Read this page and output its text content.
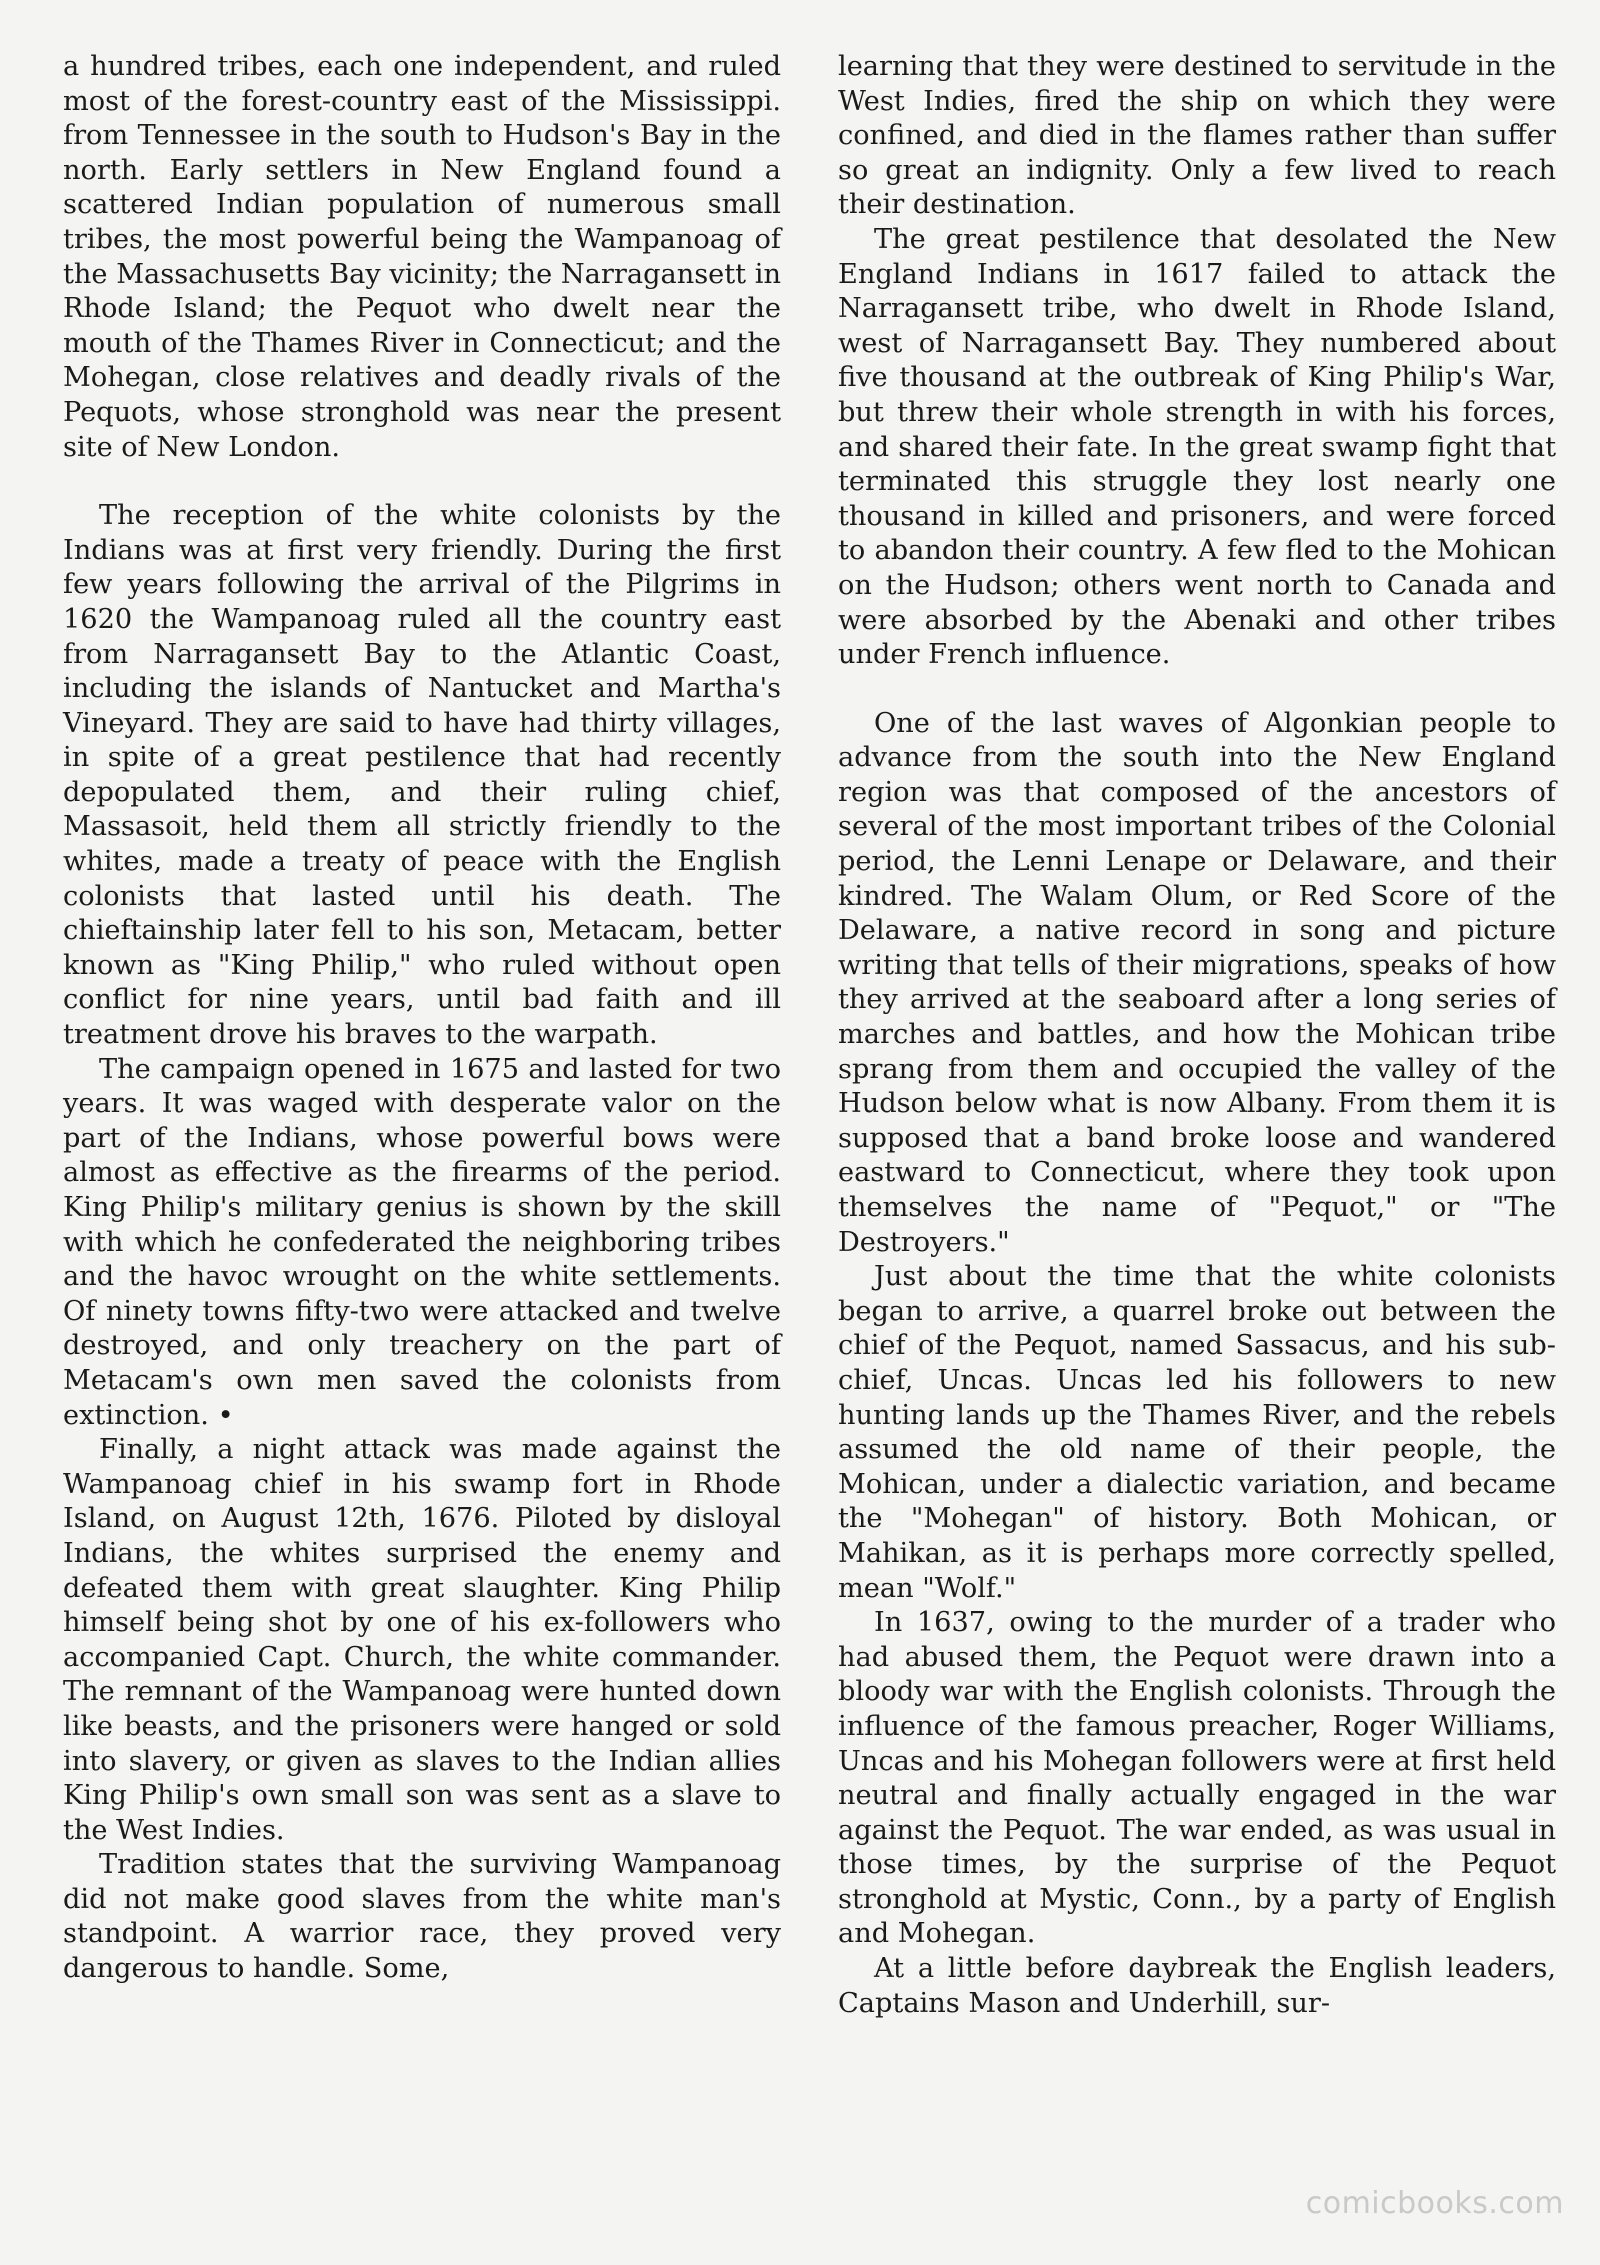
a hundred tribes, each one independent, and ruled most of the forest-country east of the Mississippi. from Tennessee in the south to Hudson's Bay in the north. Early settlers in New England found a scattered Indian population of numerous small tribes, the most powerful being the Wampanoag of the Massachusetts Bay vicinity; the Narragansett in Rhode Island; the Pequot who dwelt near the mouth of the Thames River in Connecticut; and the Mohegan, close relatives and deadly rivals of the Pequots, whose stronghold was near the present site of New London.

The reception of the white colonists by the Indians was at first very friendly. During the first few years following the arrival of the Pilgrims in 1620 the Wampanoag ruled all the country east from Narragansett Bay to the Atlantic Coast, including the islands of Nantucket and Martha's Vineyard. They are said to have had thirty villages, in spite of a great pestilence that had recently depopulated them, and their ruling chief, Massasoit, held them all strictly friendly to the whites, made a treaty of peace with the English colonists that lasted until his death. The chieftainship later fell to his son, Metacam, better known as "King Philip," who ruled without open conflict for nine years, until bad faith and ill treatment drove his braves to the warpath.

The campaign opened in 1675 and lasted for two years. It was waged with desperate valor on the part of the Indians, whose powerful bows were almost as effective as the firearms of the period. King Philip's military genius is shown by the skill with which he confederated the neighboring tribes and the havoc wrought on the white settlements. Of ninety towns fifty-two were attacked and twelve destroyed, and only treachery on the part of Metacam's own men saved the colonists from extinction. •

Finally, a night attack was made against the Wampanoag chief in his swamp fort in Rhode Island, on August 12th, 1676. Piloted by disloyal Indians, the whites surprised the enemy and defeated them with great slaughter. King Philip himself being shot by one of his ex-followers who accompanied Capt. Church, the white commander. The remnant of the Wampanoag were hunted down like beasts, and the prisoners were hanged or sold into slavery, or given as slaves to the Indian allies King Philip's own small son was sent as a slave to the West Indies.

Tradition states that the surviving Wampanoag did not make good slaves from the white man's standpoint. A warrior race, they proved very dangerous to handle. Some,

learning that they were destined to servitude in the West Indies, fired the ship on which they were confined, and died in the flames rather than suffer so great an indignity. Only a few lived to reach their destination.

The great pestilence that desolated the New England Indians in 1617 failed to attack the Narragansett tribe, who dwelt in Rhode Island, west of Narragansett Bay. They numbered about five thousand at the outbreak of King Philip's War, but threw their whole strength in with his forces, and shared their fate. In the great swamp fight that terminated this struggle they lost nearly one thousand in killed and prisoners, and were forced to abandon their country. A few fled to the Mohican on the Hudson; others went north to Canada and were absorbed by the Abenaki and other tribes under French influence.

One of the last waves of Algonkian people to advance from the south into the New England region was that composed of the ancestors of several of the most important tribes of the Colonial period, the Lenni Lenape or Delaware, and their kindred. The Walam Olum, or Red Score of the Delaware, a native record in song and picture writing that tells of their migrations, speaks of how they arrived at the seaboard after a long series of marches and battles, and how the Mohican tribe sprang from them and occupied the valley of the Hudson below what is now Albany. From them it is supposed that a band broke loose and wandered eastward to Connecticut, where they took upon themselves the name of "Pequot," or "The Destroyers."

Just about the time that the white colonists began to arrive, a quarrel broke out between the chief of the Pequot, named Sassacus, and his sub-chief, Uncas. Uncas led his followers to new hunting lands up the Thames River, and the rebels assumed the old name of their people, the Mohican, under a dialectic variation, and became the "Mohegan" of history. Both Mohican, or Mahikan, as it is perhaps more correctly spelled, mean "Wolf."

In 1637, owing to the murder of a trader who had abused them, the Pequot were drawn into a bloody war with the English colonists. Through the influence of the famous preacher, Roger Williams, Uncas and his Mohegan followers were at first held neutral and finally actually engaged in the war against the Pequot. The war ended, as was usual in those times, by the surprise of the Pequot stronghold at Mystic, Conn., by a party of English and Mohegan.

At a little before daybreak the English leaders, Captains Mason and Underhill, sur-

comicbooks.com
